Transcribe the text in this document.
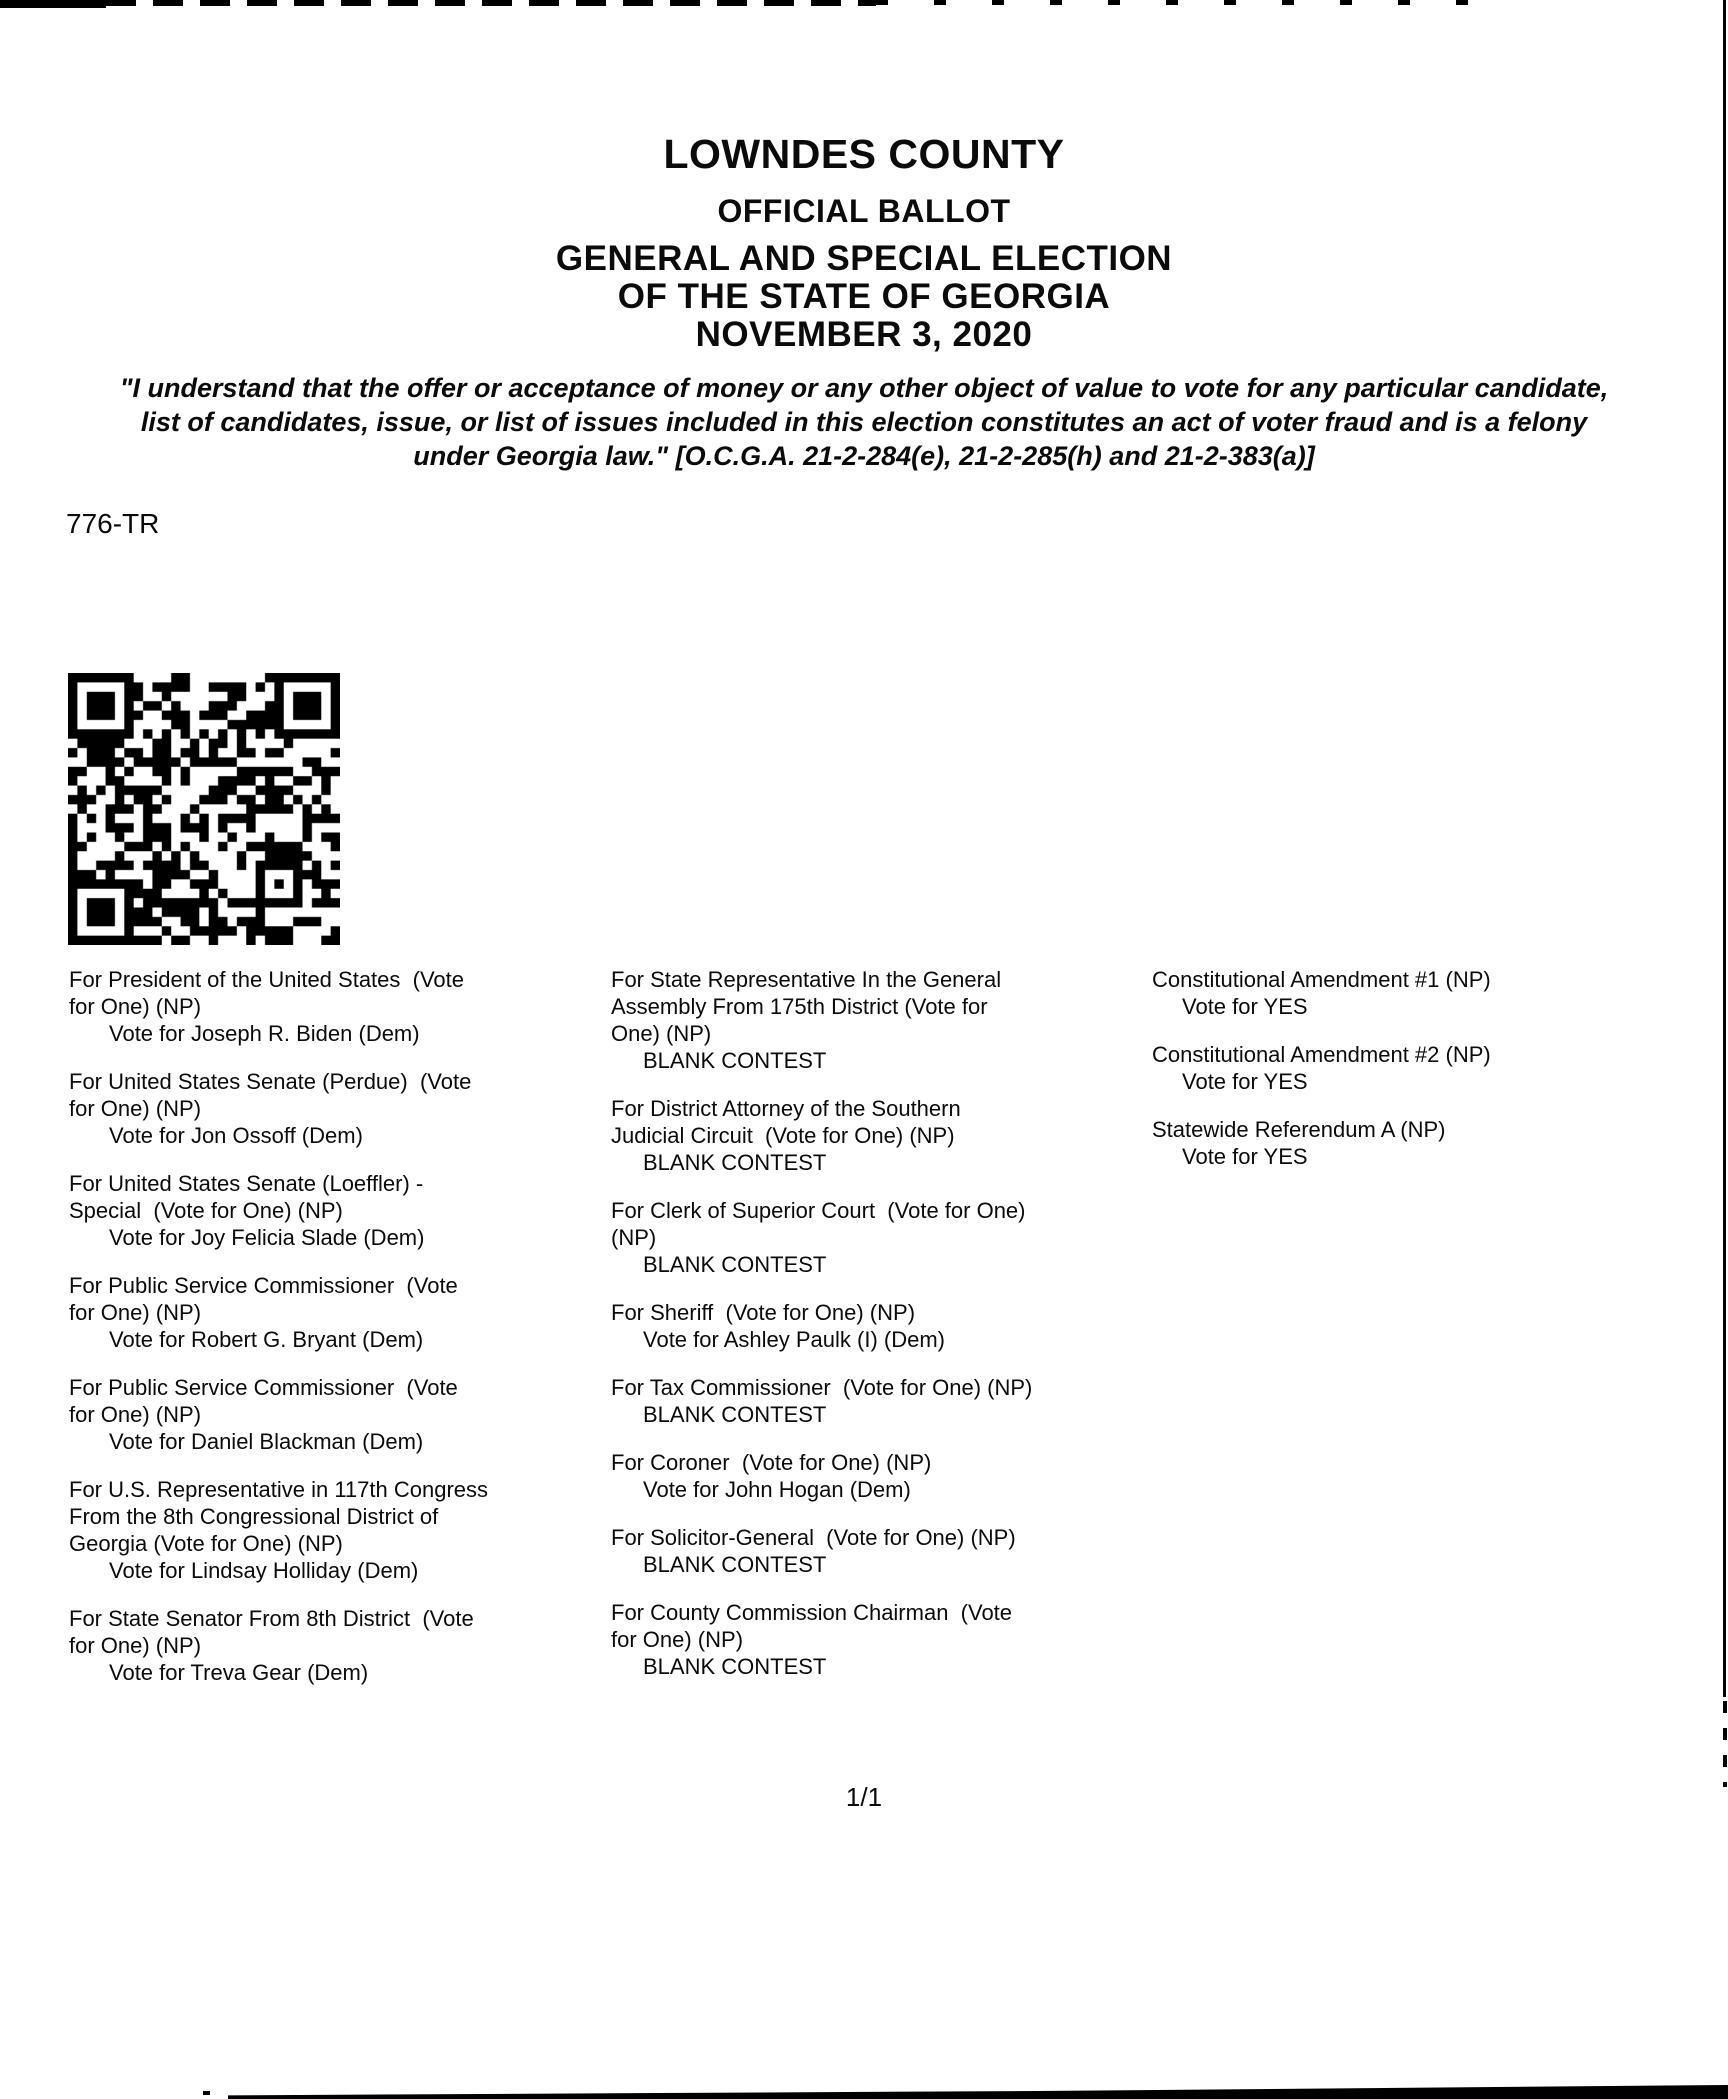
LOWNDES COUNTY
OFFICIAL BALLOT
GENERAL AND SPECIAL ELECTION
OF THE STATE OF GEORGIA
NOVEMBER 3, 2020
"I understand that the offer or acceptance of money or any other object of value to vote for any particular candidate,
list of candidates, issue, or list of issues included in this election constitutes an act of voter fraud and is a felony
under Georgia law." [O.C.G.A. 21-2-284(e), 21-2-285(h) and 21-2-383(a)]
776-TR
For President of the United States  (Vote
for One) (NP)
Vote for Joseph R. Biden (Dem)
For United States Senate (Perdue)  (Vote
for One) (NP)
Vote for Jon Ossoff (Dem)
For United States Senate (Loeffler) -
Special  (Vote for One) (NP)
Vote for Joy Felicia Slade (Dem)
For Public Service Commissioner  (Vote
for One) (NP)
Vote for Robert G. Bryant (Dem)
For Public Service Commissioner  (Vote
for One) (NP)
Vote for Daniel Blackman (Dem)
For U.S. Representative in 117th Congress
From the 8th Congressional District of
Georgia (Vote for One) (NP)
Vote for Lindsay Holliday (Dem)
For State Senator From 8th District  (Vote
for One) (NP)
Vote for Treva Gear (Dem)
For State Representative In the General
Assembly From 175th District (Vote for
One) (NP)
BLANK CONTEST
For District Attorney of the Southern
Judicial Circuit  (Vote for One) (NP)
BLANK CONTEST
For Clerk of Superior Court  (Vote for One)
(NP)
BLANK CONTEST
For Sheriff  (Vote for One) (NP)
Vote for Ashley Paulk (I) (Dem)
For Tax Commissioner  (Vote for One) (NP)
BLANK CONTEST
For Coroner  (Vote for One) (NP)
Vote for John Hogan (Dem)
For Solicitor-General  (Vote for One) (NP)
BLANK CONTEST
For County Commission Chairman  (Vote
for One) (NP)
BLANK CONTEST
Constitutional Amendment #1 (NP)
Vote for YES
Constitutional Amendment #2 (NP)
Vote for YES
Statewide Referendum A (NP)
Vote for YES
1/1
